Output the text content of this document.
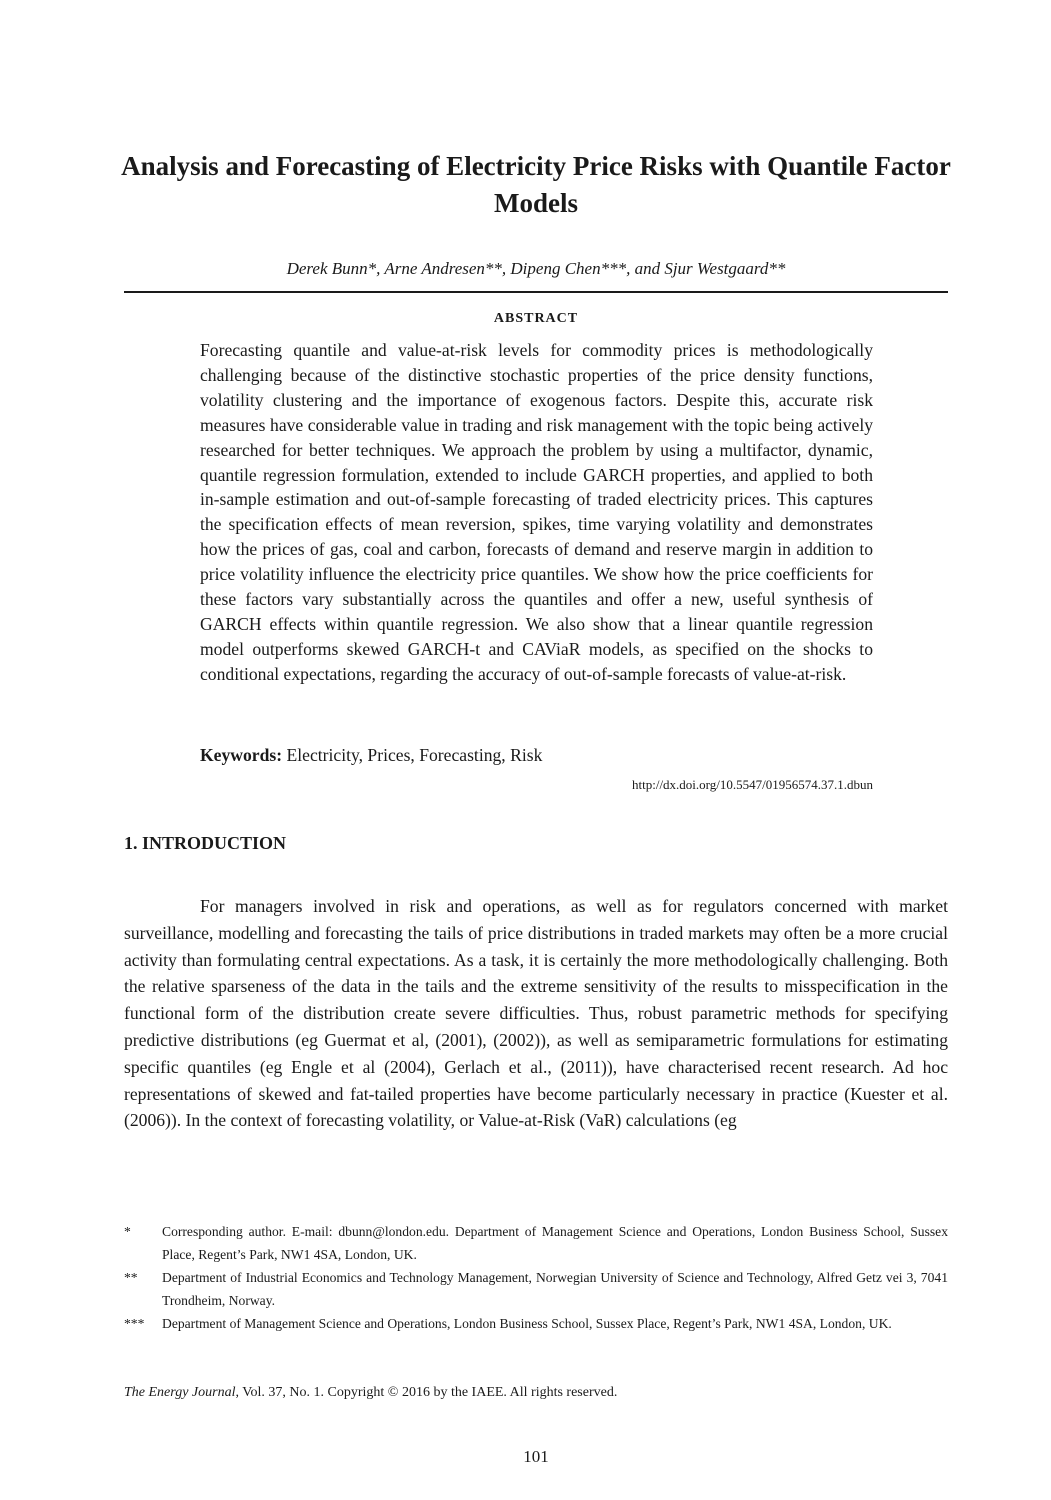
Analysis and Forecasting of Electricity Price Risks with Quantile Factor Models
Derek Bunn*, Arne Andresen**, Dipeng Chen***, and Sjur Westgaard**
ABSTRACT

Forecasting quantile and value-at-risk levels for commodity prices is methodologically challenging because of the distinctive stochastic properties of the price density functions, volatility clustering and the importance of exogenous factors. Despite this, accurate risk measures have considerable value in trading and risk management with the topic being actively researched for better techniques. We approach the problem by using a multifactor, dynamic, quantile regression formulation, extended to include GARCH properties, and applied to both in-sample estimation and out-of-sample forecasting of traded electricity prices. This captures the specification effects of mean reversion, spikes, time varying volatility and demonstrates how the prices of gas, coal and carbon, forecasts of demand and reserve margin in addition to price volatility influence the electricity price quantiles. We show how the price coefficients for these factors vary substantially across the quantiles and offer a new, useful synthesis of GARCH effects within quantile regression. We also show that a linear quantile regression model outperforms skewed GARCH-t and CAViaR models, as specified on the shocks to conditional expectations, regarding the accuracy of out-of-sample forecasts of value-at-risk.

Keywords: Electricity, Prices, Forecasting, Risk
http://dx.doi.org/10.5547/01956574.37.1.dbun
1. INTRODUCTION

For managers involved in risk and operations, as well as for regulators concerned with market surveillance, modelling and forecasting the tails of price distributions in traded markets may often be a more crucial activity than formulating central expectations. As a task, it is certainly the more methodologically challenging. Both the relative sparseness of the data in the tails and the extreme sensitivity of the results to misspecification in the functional form of the distribution create severe difficulties. Thus, robust parametric methods for specifying predictive distributions (eg Guermat et al, (2001), (2002)), as well as semiparametric formulations for estimating specific quantiles (eg Engle et al (2004), Gerlach et al., (2011)), have characterised recent research. Ad hoc representations of skewed and fat-tailed properties have become particularly necessary in practice (Kuester et al. (2006)). In the context of forecasting volatility, or Value-at-Risk (VaR) calculations (eg

*	Corresponding author. E-mail: dbunn@london.edu. Department of Management Science and Operations, London Business School, Sussex Place, Regent’s Park, NW1 4SA, London, UK.
**	Department of Industrial Economics and Technology Management, Norwegian University of Science and Technology, Alfred Getz vei 3, 7041 Trondheim, Norway.
***	Department of Management Science and Operations, London Business School, Sussex Place, Regent’s Park, NW1 4SA, London, UK.
The Energy Journal, Vol. 37, No. 1. Copyright © 2016 by the IAEE. All rights reserved.
101
